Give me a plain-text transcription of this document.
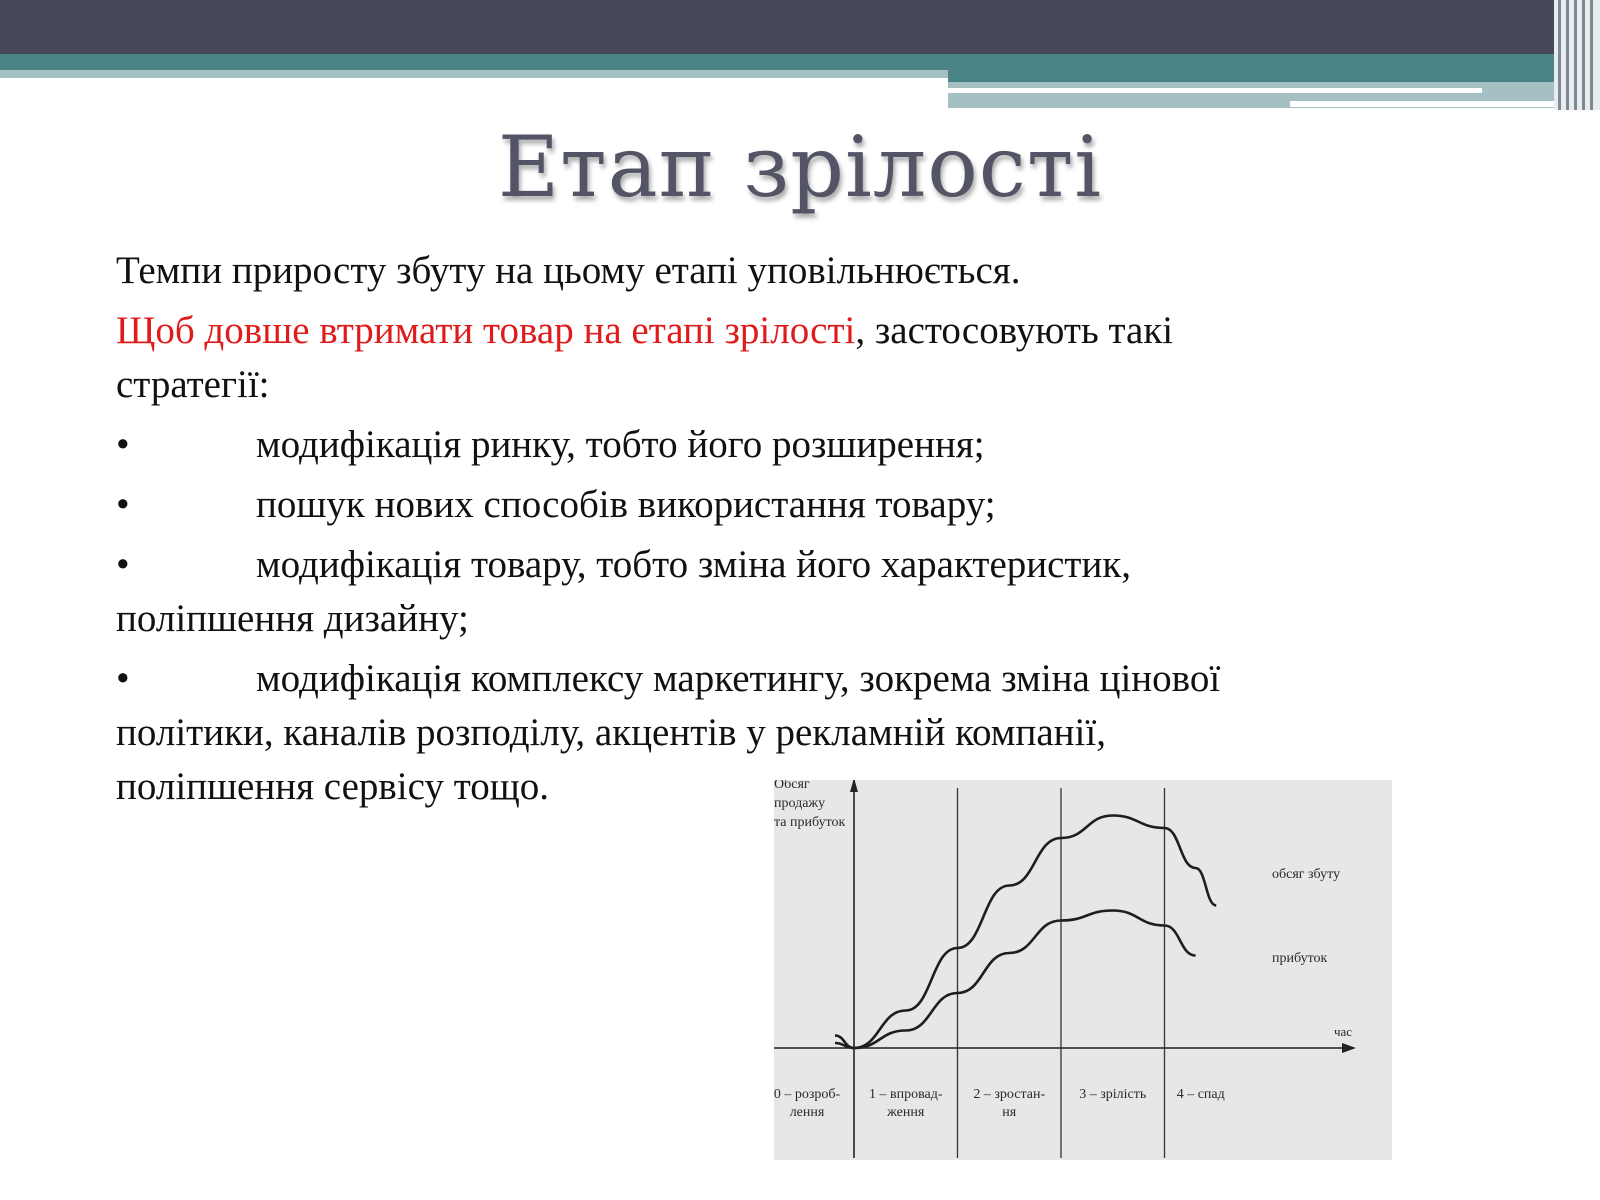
Етап зрілості

Темпи приросту збуту на цьому етапі уповільнюється.

Щоб довше втримати товар на етапі зрілості, застосовують такі
стратегії:

•	модифікація ринку, тобто його розширення;
•	пошук нових способів використання товару;
•	модифікація товару, тобто зміна його характеристик,
поліпшення дизайну;
•	модифікація комплексу маркетингу, зокрема зміна цінової
політики, каналів розподілу, акцентів у рекламній компанії,
поліпшення сервісу тощо.	Обсяг
продажу
та прибуток
час
0 – розроб-
лення
1 – впровад-
ження
2 – зростан-
ня
3 – зрілість 4 – спад
обсяг збуту
прибуток
